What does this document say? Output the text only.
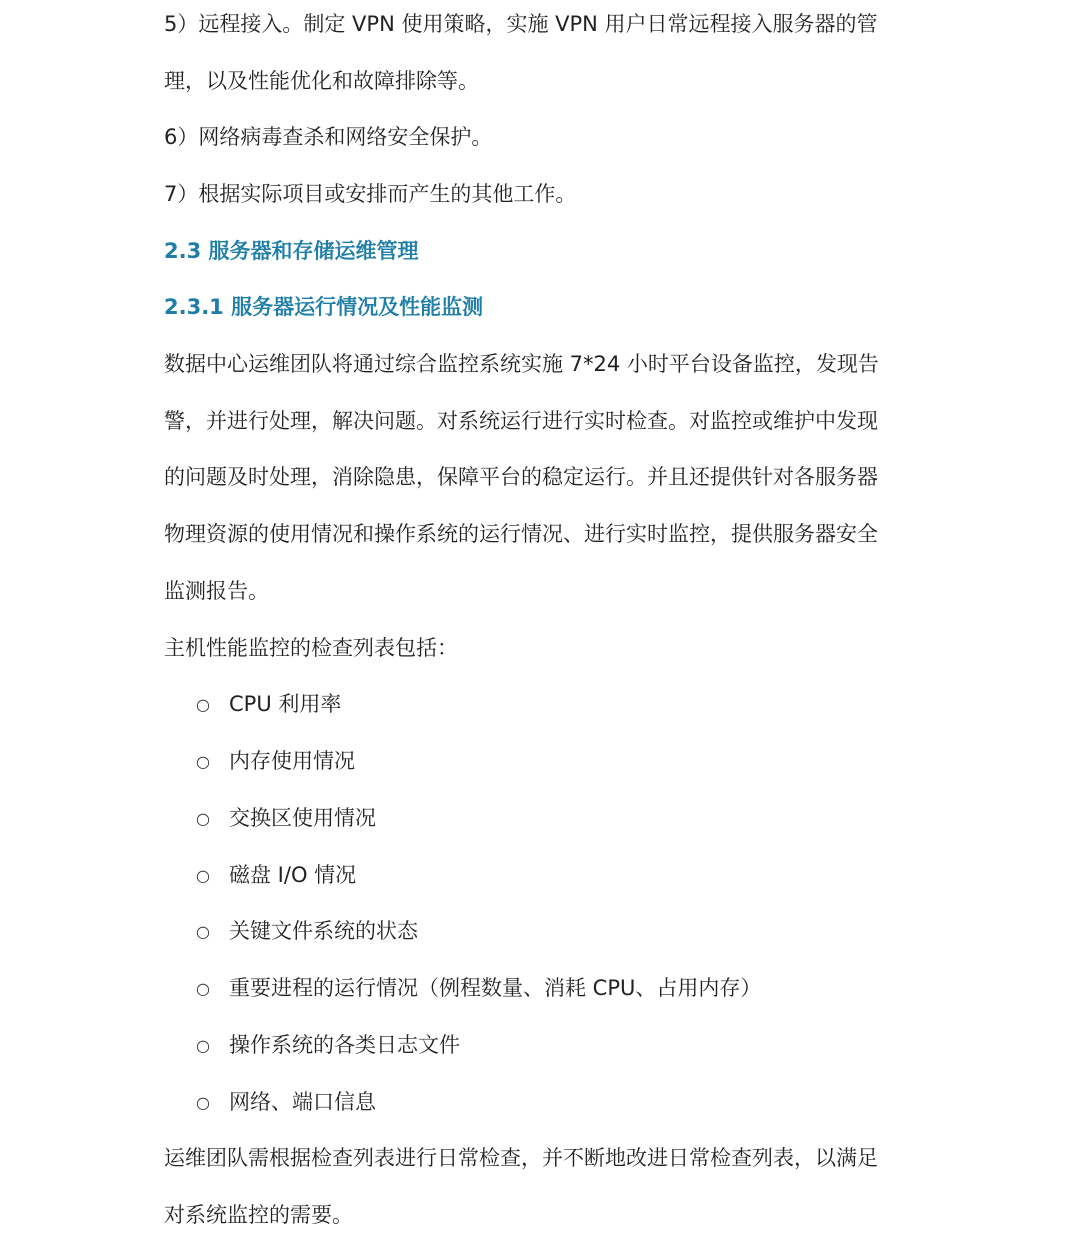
5）远程接入。制定 VPN 使用策略，实施 VPN 用户日常远程接入服务器的管
理，以及性能优化和故障排除等。
6）网络病毒查杀和网络安全保护。
7）根据实际项目或安排而产生的其他工作。
2.3 服务器和存储运维管理
2.3.1 服务器运行情况及性能监测
数据中心运维团队将通过综合监控系统实施 7*24 小时平台设备监控，发现告
警，并进行处理，解决问题。对系统运行进行实时检查。对监控或维护中发现
的问题及时处理，消除隐患，保障平台的稳定运行。并且还提供针对各服务器
物理资源的使用情况和操作系统的运行情况、进行实时监控，提供服务器安全
监测报告。
主机性能监控的检查列表包括：
○ CPU 利用率
○ 内存使用情况
○ 交换区使用情况
○ 磁盘 I/O 情况
○ 关键文件系统的状态
○ 重要进程的运行情况（例程数量、消耗 CPU、占用内存）
○ 操作系统的各类日志文件
○ 网络、端口信息
运维团队需根据检查列表进行日常检查，并不断地改进日常检查列表，以满足
对系统监控的需要。
